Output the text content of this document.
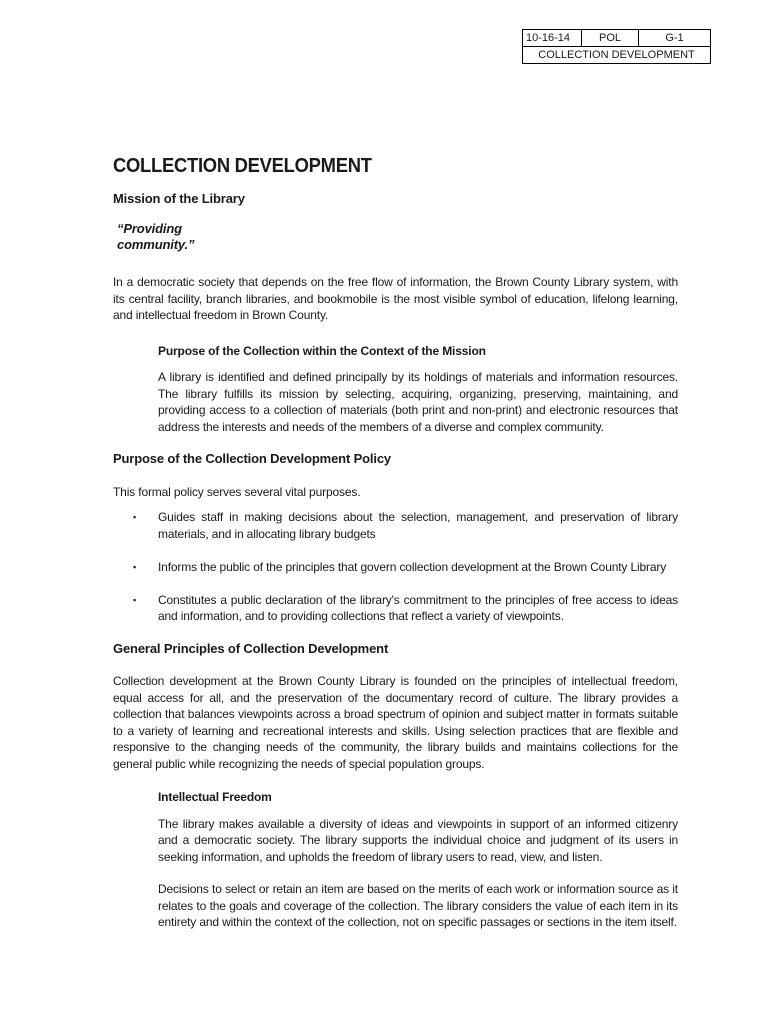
10-16-14	POL	G-1
COLLECTION DEVELOPMENT
COLLECTION DEVELOPMENT
Mission of the Library
“Providing
community.”

In a democratic society that depends on the free flow of information, the Brown County Library system, with its central facility, branch libraries, and bookmobile is the most visible symbol of education, lifelong learning, and intellectual freedom in Brown County.

Purpose of the Collection within the Context of the Mission

A library is identified and defined principally by its holdings of materials and information resources. The library fulfills its mission by selecting, acquiring, organizing, preserving, maintaining, and providing access to a collection of materials (both print and non-print) and electronic resources that address the interests and needs of the members of a diverse and complex community.

Purpose of the Collection Development Policy

This formal policy serves several vital purposes.

▪ Guides staff in making decisions about the selection, management, and preservation of library materials, and in allocating library budgets
▪ Informs the public of the principles that govern collection development at the Brown County Library
▪ Constitutes a public declaration of the library's commitment to the principles of free access to ideas and information, and to providing collections that reflect a variety of viewpoints.
General Principles of Collection Development

Collection development at the Brown County Library is founded on the principles of intellectual freedom, equal access for all, and the preservation of the documentary record of culture. The library provides a collection that balances viewpoints across a broad spectrum of opinion and subject matter in formats suitable to a variety of learning and recreational interests and skills. Using selection practices that are flexible and responsive to the changing needs of the community, the library builds and maintains collections for the general public while recognizing the needs of special population groups.

Intellectual Freedom

The library makes available a diversity of ideas and viewpoints in support of an informed citizenry and a democratic society. The library supports the individual choice and judgment of its users in seeking information, and upholds the freedom of library users to read, view, and listen.

Decisions to select or retain an item are based on the merits of each work or information source as it relates to the goals and coverage of the collection. The library considers the value of each item in its entirety and within the context of the collection, not on specific passages or sections in the item itself.
